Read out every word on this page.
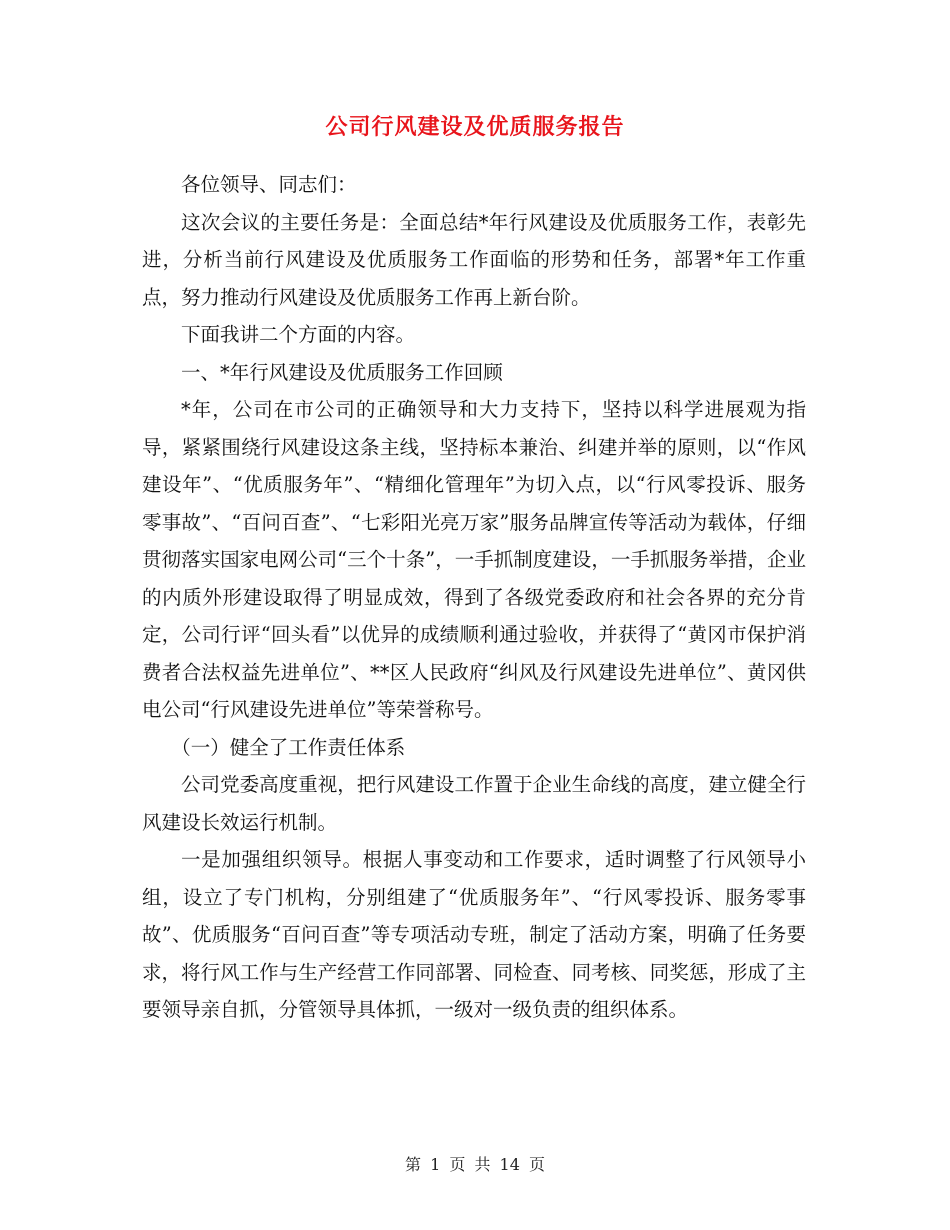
公司行风建设及优质服务报告

各位领导、同志们：

这次会议的主要任务是：全面总结*年行风建设及优质服务工作，表彰先进，分析当前行风建设及优质服务工作面临的形势和任务，部署*年工作重点，努力推动行风建设及优质服务工作再上新台阶。

下面我讲二个方面的内容。

一、*年行风建设及优质服务工作回顾

*年，公司在市公司的正确领导和大力支持下，坚持以科学进展观为指导，紧紧围绕行风建设这条主线，坚持标本兼治、纠建并举的原则，以“作风建设年”、“优质服务年”、“精细化管理年”为切入点，以“行风零投诉、服务零事故”、“百问百查”、“七彩阳光亮万家”服务品牌宣传等活动为载体，仔细贯彻落实国家电网公司“三个十条”，一手抓制度建设，一手抓服务举措，企业的内质外形建设取得了明显成效，得到了各级党委政府和社会各界的充分肯定，公司行评“回头看”以优异的成绩顺利通过验收，并获得了“黄冈市保护消费者合法权益先进单位”、**区人民政府“纠风及行风建设先进单位”、黄冈供电公司“行风建设先进单位”等荣誉称号。

（一）健全了工作责任体系

公司党委高度重视，把行风建设工作置于企业生命线的高度，建立健全行风建设长效运行机制。

一是加强组织领导。根据人事变动和工作要求，适时调整了行风领导小组，设立了专门机构，分别组建了“优质服务年”、“行风零投诉、服务零事故”、优质服务“百问百查”等专项活动专班，制定了活动方案，明确了任务要求，将行风工作与生产经营工作同部署、同检查、同考核、同奖惩，形成了主要领导亲自抓，分管领导具体抓，一级对一级负责的组织体系。

第 1 页 共 14 页
